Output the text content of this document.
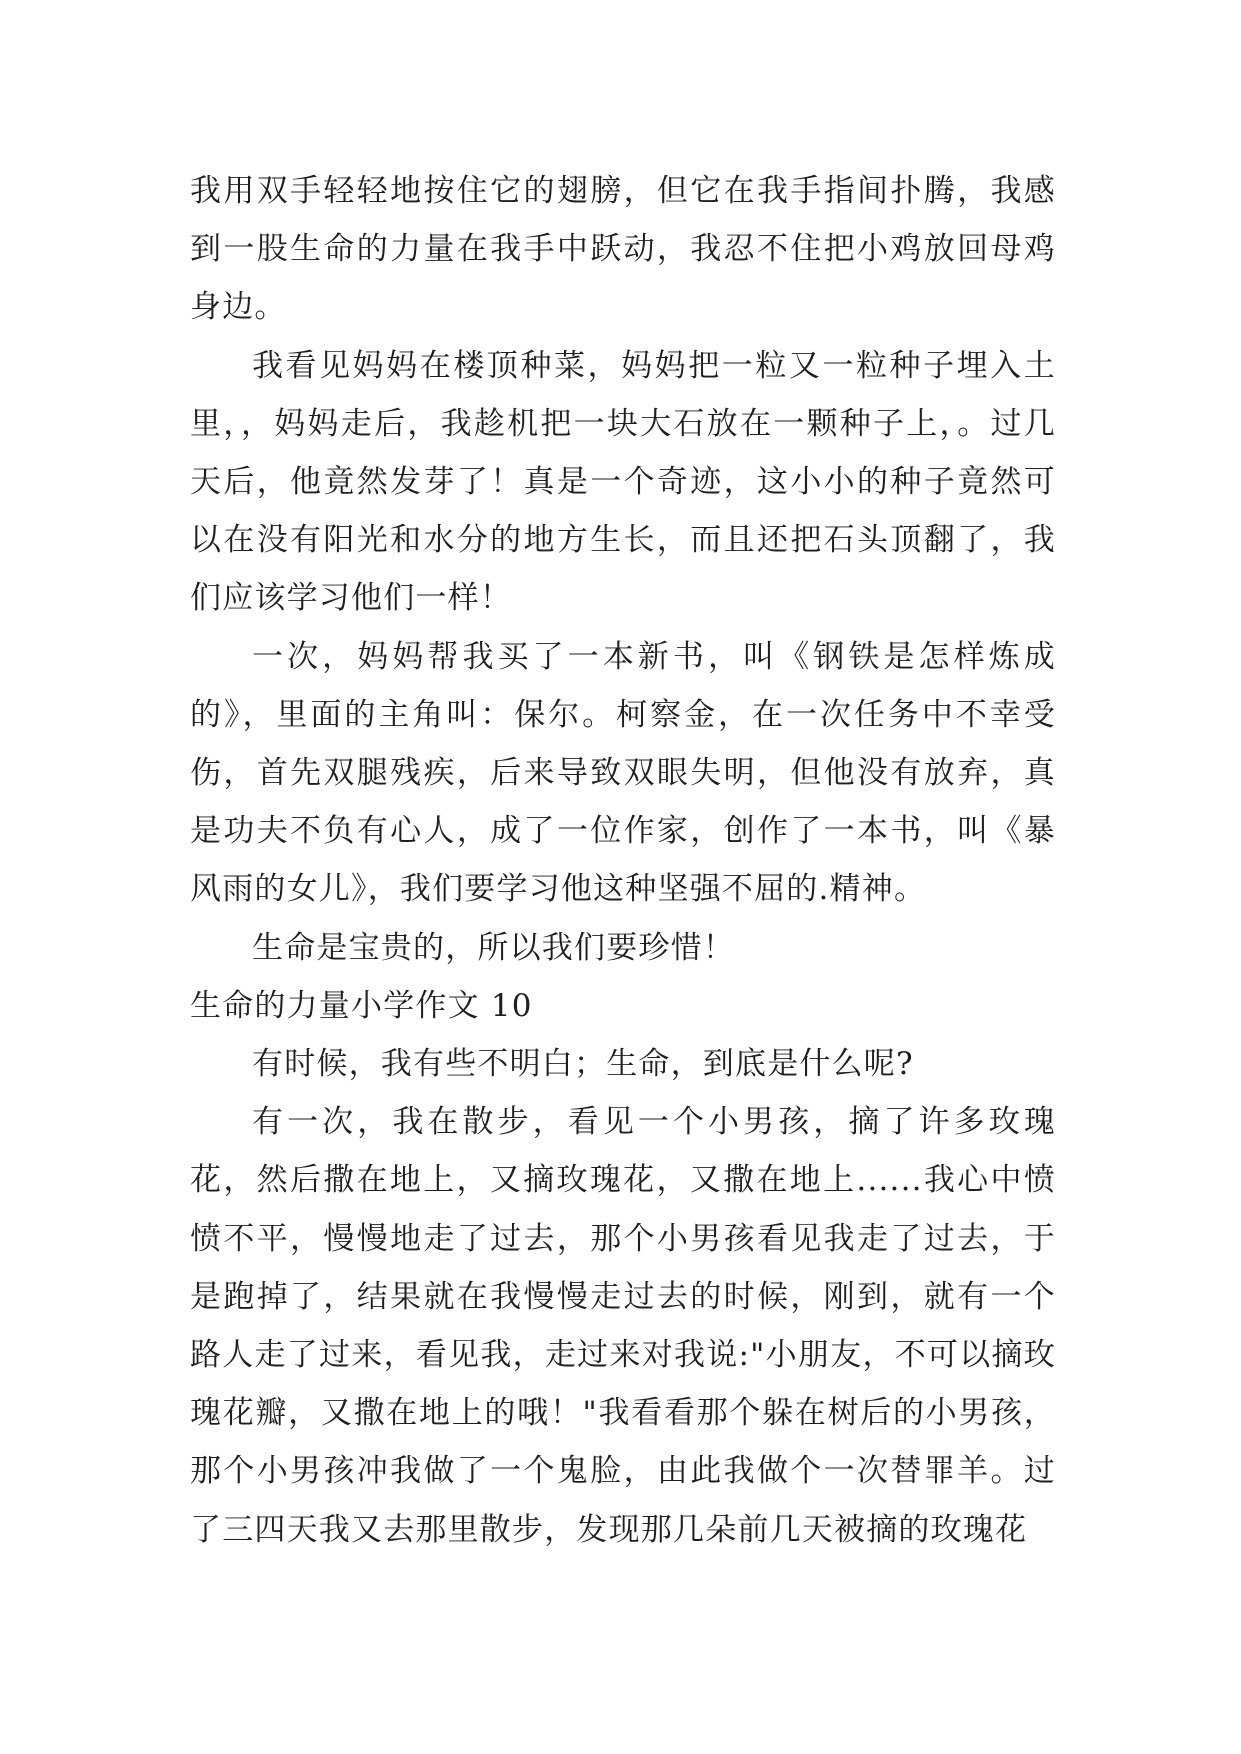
我用双手轻轻地按住它的翅膀，但它在我手指间扑腾，我感到一股生命的力量在我手中跃动，我忍不住把小鸡放回母鸡身边。

我看见妈妈在楼顶种菜，妈妈把一粒又一粒种子埋入土里，，妈妈走后，我趁机把一块大石放在一颗种子上，。过几天后，他竟然发芽了！真是一个奇迹，这小小的种子竟然可以在没有阳光和水分的地方生长，而且还把石头顶翻了，我们应该学习他们一样！

一次，妈妈帮我买了一本新书，叫《钢铁是怎样炼成的》，里面的主角叫：保尔。柯察金，在一次任务中不幸受伤，首先双腿残疾，后来导致双眼失明，但他没有放弃，真是功夫不负有心人，成了一位作家，创作了一本书，叫《暴风雨的女儿》，我们要学习他这种坚强不屈的.精神。

生命是宝贵的，所以我们要珍惜！

生命的力量小学作文 10

有时候，我有些不明白；生命，到底是什么呢?

有一次，我在散步，看见一个小男孩，摘了许多玫瑰花，然后撒在地上，又摘玫瑰花，又撒在地上......我心中愤愤不平，慢慢地走了过去，那个小男孩看见我走了过去，于是跑掉了，结果就在我慢慢走过去的时候，刚到，就有一个路人走了过来，看见我，走过来对我说:"小朋友，不可以摘玫瑰花瓣，又撒在地上的哦！"我看看那个躲在树后的小男孩，那个小男孩冲我做了一个鬼脸，由此我做个一次替罪羊。过了三四天我又去那里散步，发现那几朵前几天被摘的玫瑰花
